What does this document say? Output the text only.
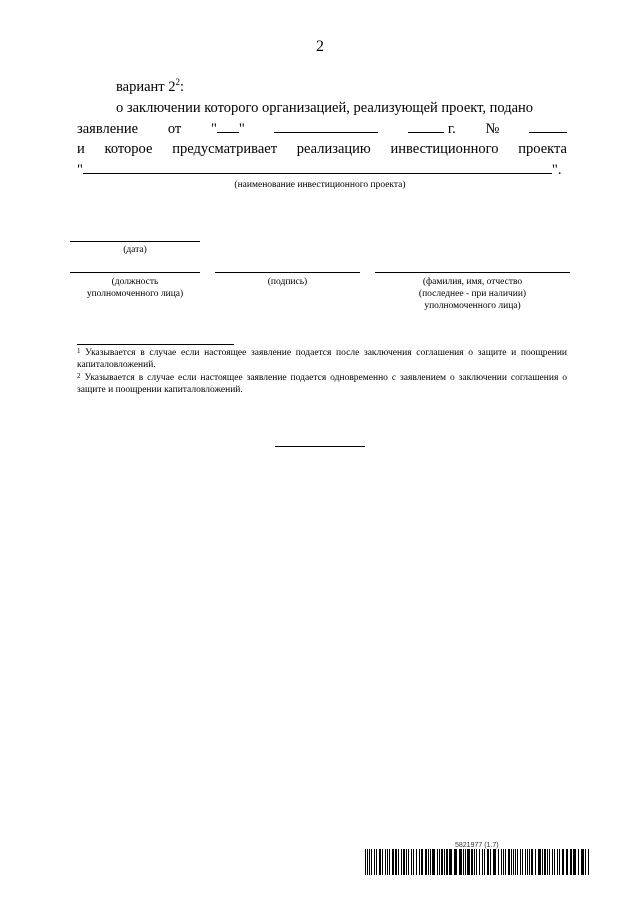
2
вариант $2^2$:
о заключении которого организацией, реализующей проект, подано
заявление от " "	г. №
и которое предусматривает реализацию инвестиционного проекта
"	".
(наименование инвестиционного проекта)
(дата)
(должность
уполномоченного лица)
(подпись)	(фамилия, имя, отчество
(последнее - при наличии)
уполномоченного лица)
$^1$ Указывается в случае если настоящее заявление подается после заключения соглашения о защите и поощрении капиталовложений.
$^2$ Указывается в случае если настоящее заявление подается одновременно с заявлением о заключении соглашения о защите и поощрении капиталовложений.
5821977 (1.7)
